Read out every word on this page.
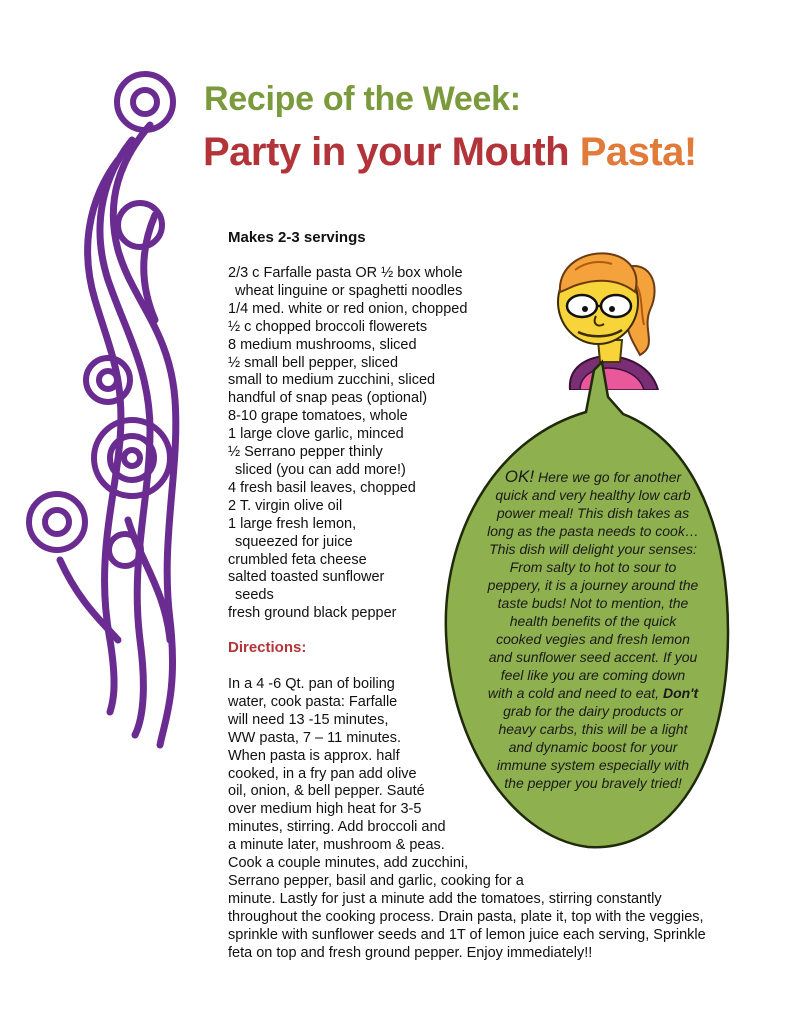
Recipe of the Week:
Party in your Mouth Pasta!
Makes 2-3 servings
2/3 c Farfalle pasta OR ½ box whole
wheat linguine or spaghetti noodles
1/4 med. white or red onion, chopped
½ c chopped broccoli flowerets
8 medium mushrooms, sliced
½ small bell pepper, sliced
small to medium zucchini, sliced
handful of snap peas (optional)
8-10 grape tomatoes, whole
1 large clove garlic, minced
½ Serrano pepper thinly
sliced (you can add more!)
4 fresh basil leaves, chopped
2 T. virgin olive oil
1 large fresh lemon,
squeezed for juice
crumbled feta cheese
salted toasted sunflower
seeds
fresh ground black pepper
Directions:
In a 4 -6 Qt. pan of boiling
water, cook pasta: Farfalle
will need 13 -15 minutes,
WW pasta, 7 – 11 minutes.
When pasta is approx. half
cooked, in a fry pan add olive
oil, onion, & bell pepper. Sauté
over medium high heat for 3-5
minutes, stirring. Add broccoli and
a minute later, mushroom & peas.
Cook a couple minutes, add zucchini,
Serrano pepper, basil and garlic, cooking for a
minute. Lastly for just a minute add the tomatoes, stirring constantly
throughout the cooking process. Drain pasta, plate it, top with the veggies,
sprinkle with sunflower seeds and 1T of lemon juice each serving, Sprinkle
feta on top and fresh ground pepper. Enjoy immediately!!
OK! Here we go for another
quick and very healthy low carb
power meal! This dish takes as
long as the pasta needs to cook…
This dish will delight your senses:
From salty to hot to sour to
peppery, it is a journey around the
taste buds! Not to mention, the
health benefits of the quick
cooked vegies and fresh lemon
and sunflower seed accent. If you
feel like you are coming down
with a cold and need to eat, Don't
grab for the dairy products or
heavy carbs, this will be a light
and dynamic boost for your
immune system especially with
the pepper you bravely tried!
